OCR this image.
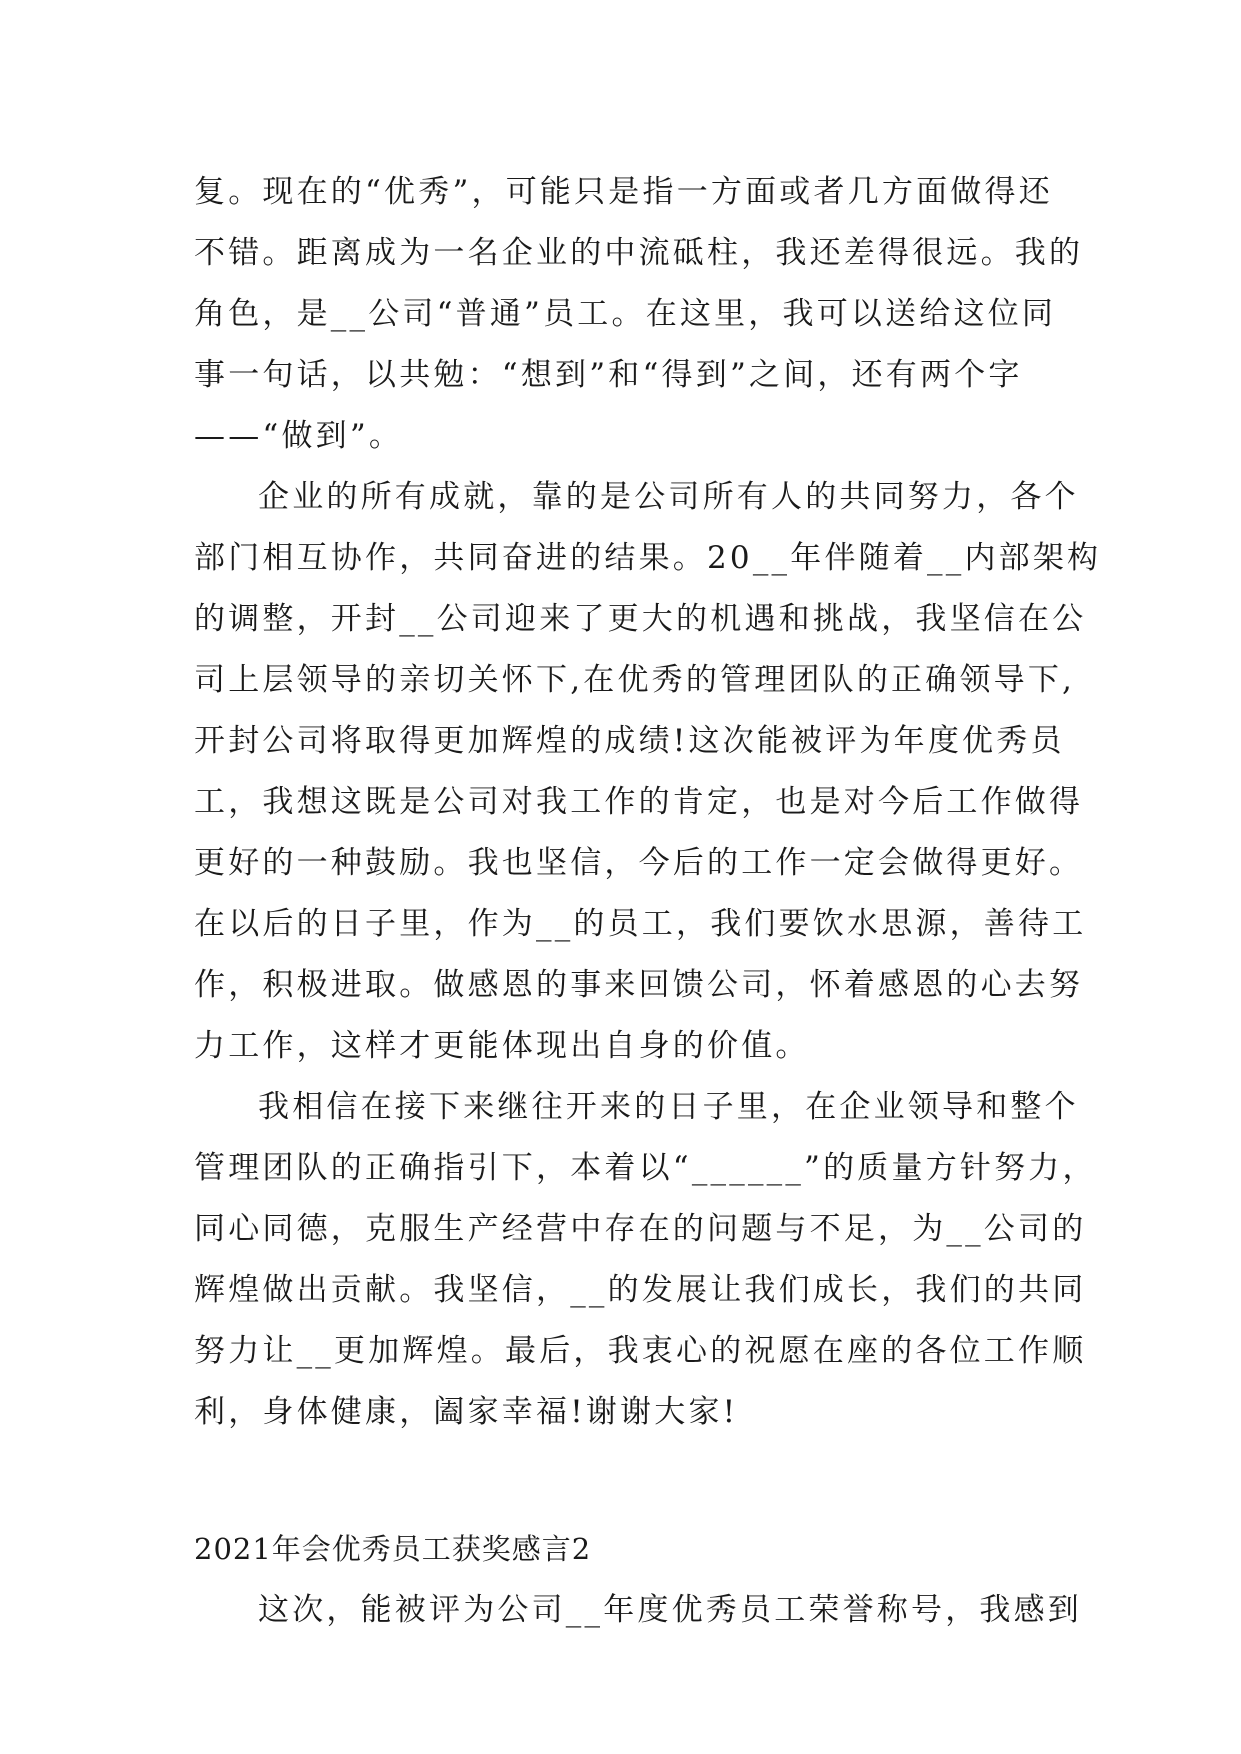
复。现在的“优秀”，可能只是指一方面或者几方面做得还
不错。距离成为一名企业的中流砥柱，我还差得很远。我的
角色，是__公司“普通”员工。在这里，我可以送给这位同
事一句话，以共勉：“想到”和“得到”之间，还有两个字
——“做到”。
企业的所有成就，靠的是公司所有人的共同努力，各个
部门相互协作，共同奋进的结果。20__年伴随着__内部架构
的调整，开封__公司迎来了更大的机遇和挑战，我坚信在公
司上层领导的亲切关怀下,在优秀的管理团队的正确领导下,
开封公司将取得更加辉煌的成绩!这次能被评为年度优秀员
工，我想这既是公司对我工作的肯定，也是对今后工作做得
更好的一种鼓励。我也坚信，今后的工作一定会做得更好。
在以后的日子里，作为__的员工，我们要饮水思源，善待工
作，积极进取。做感恩的事来回馈公司，怀着感恩的心去努
力工作，这样才更能体现出自身的价值。
我相信在接下来继往开来的日子里，在企业领导和整个
管理团队的正确指引下，本着以“______”的质量方针努力，
同心同德，克服生产经营中存在的问题与不足，为__公司的
辉煌做出贡献。我坚信，__的发展让我们成长，我们的共同
努力让__更加辉煌。最后，我衷心的祝愿在座的各位工作顺
利，身体健康，阖家幸福!谢谢大家!
2021年会优秀员工获奖感言2
这次，能被评为公司__年度优秀员工荣誉称号，我感到
